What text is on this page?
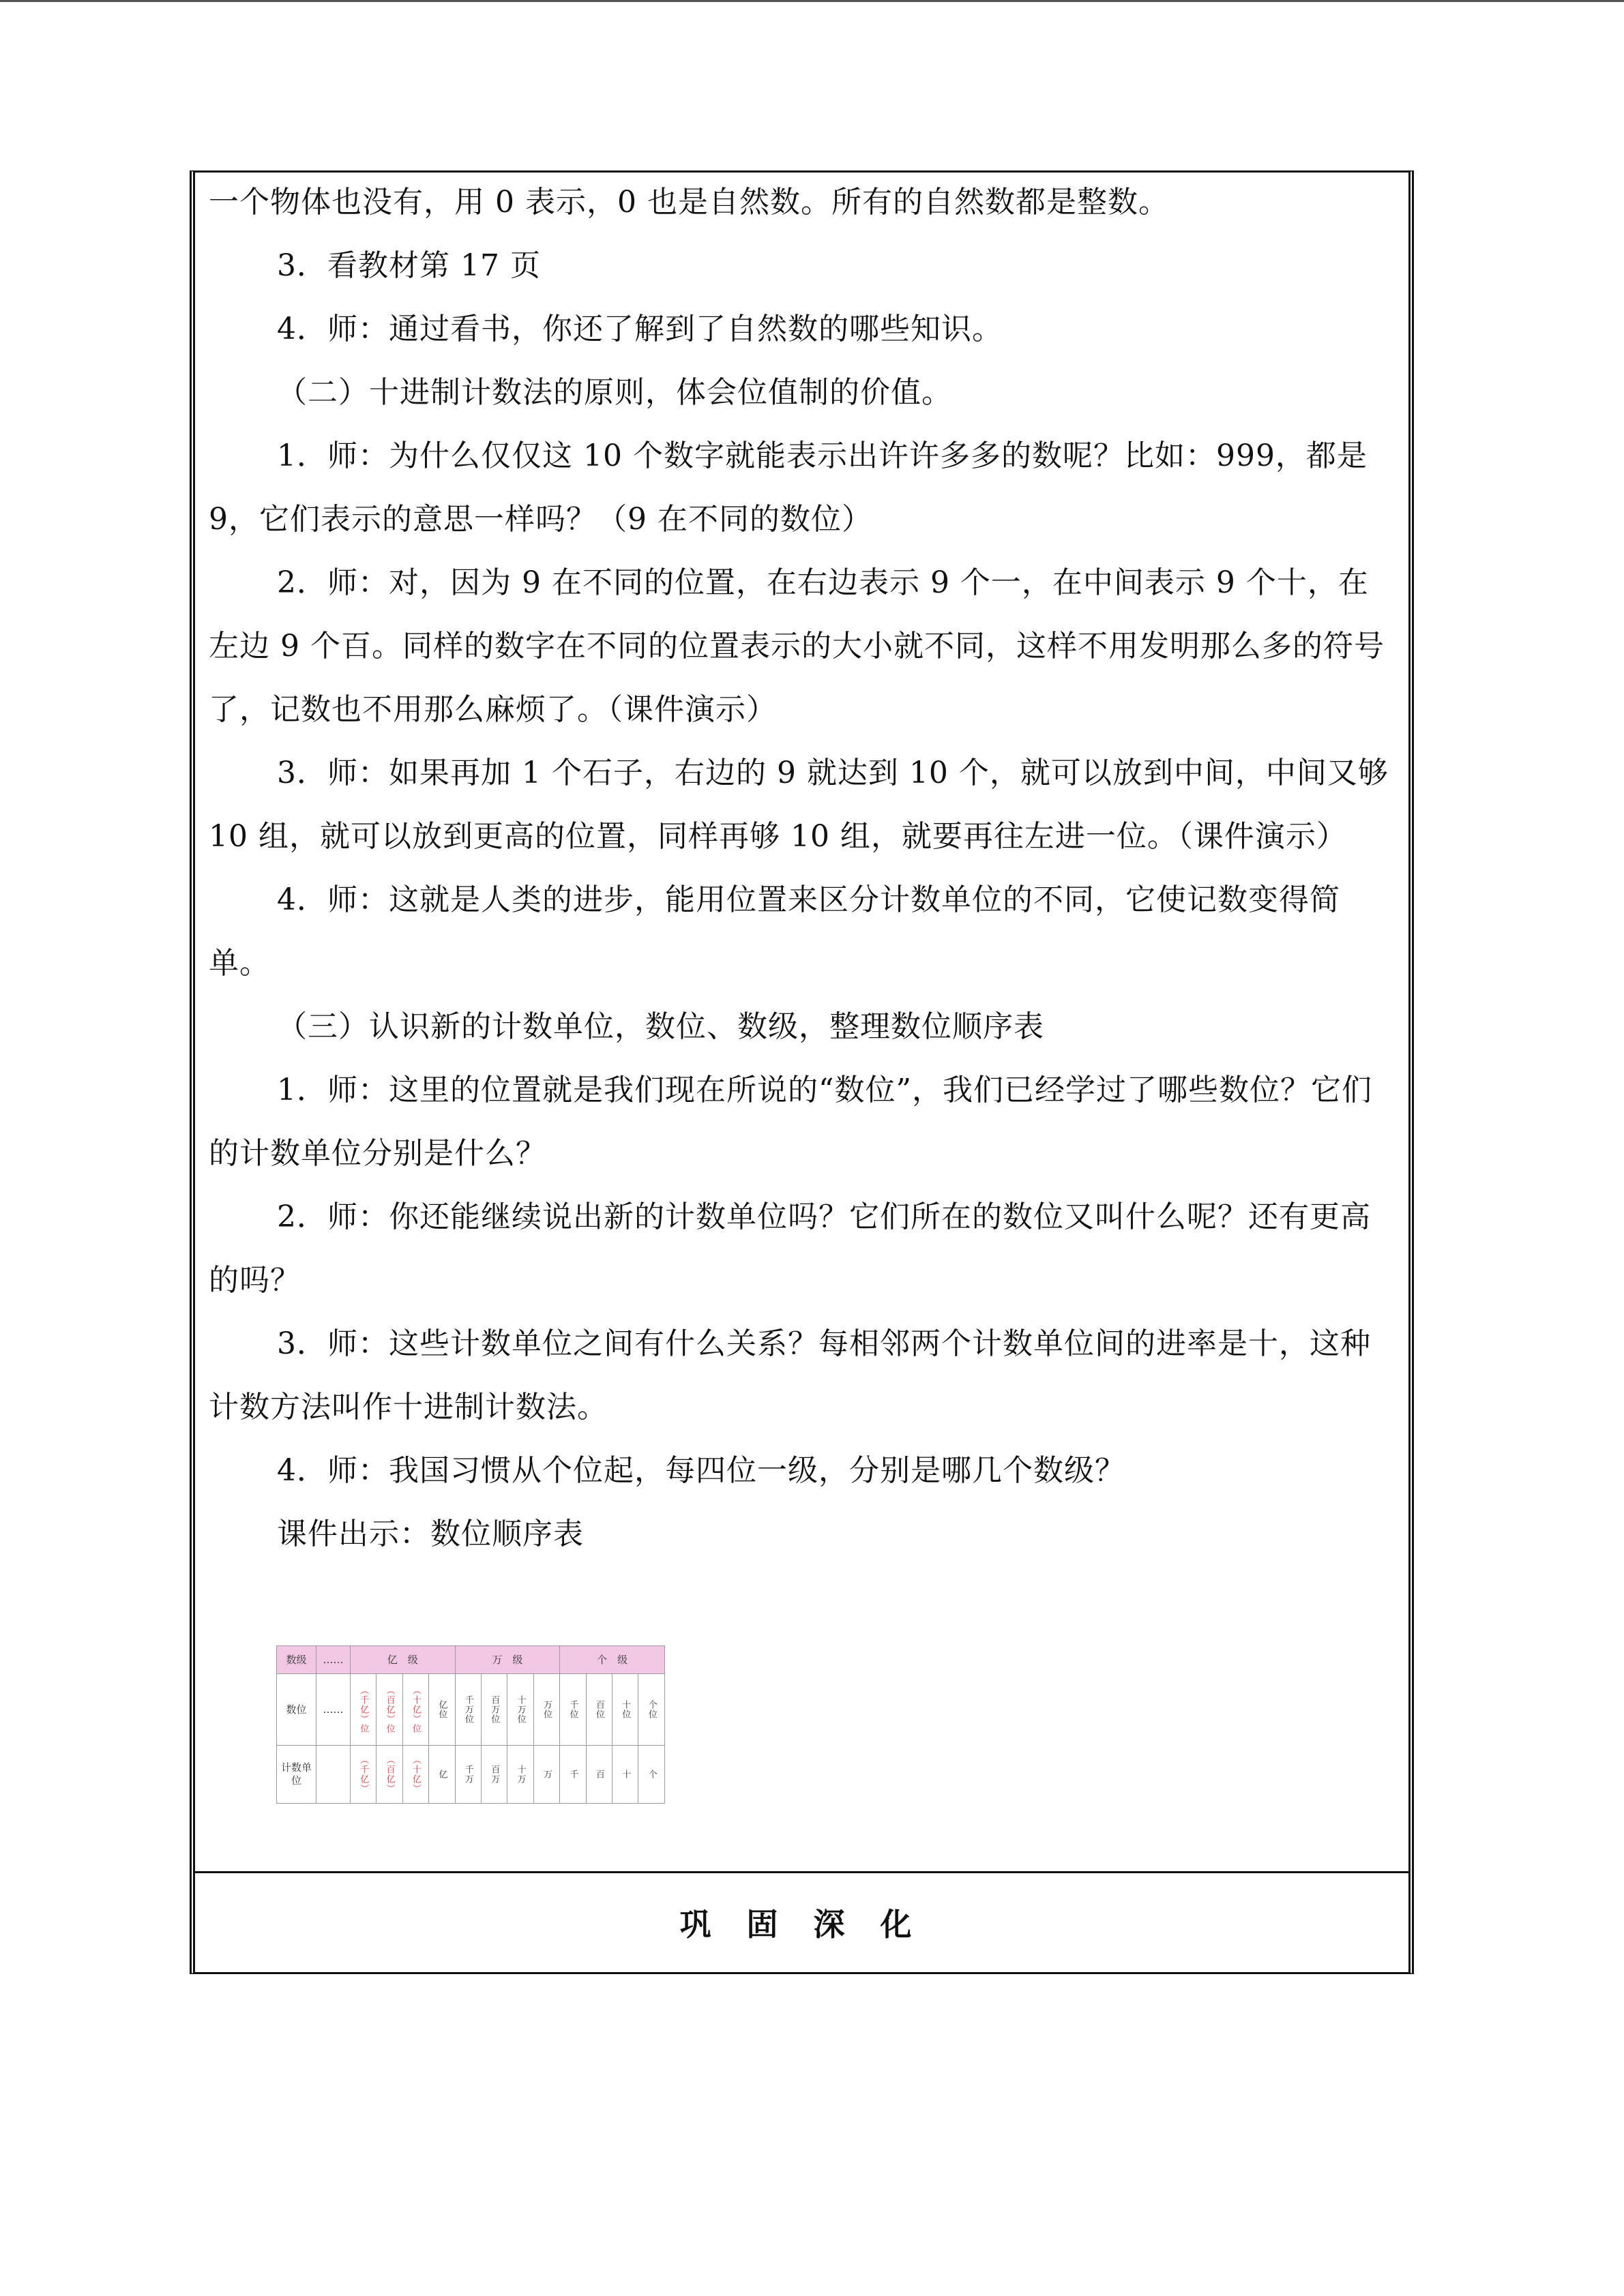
一个物体也没有，用 0 表示，0 也是自然数。所有的自然数都是整数。

3．看教材第 17 页

4．师：通过看书，你还了解到了自然数的哪些知识。

（二）十进制计数法的原则，体会位值制的价值。

1．师：为什么仅仅这 10 个数字就能表示出许许多多的数呢？比如：999，都是 9，它们表示的意思一样吗？（9 在不同的数位）

2．师：对，因为 9 在不同的位置，在右边表示 9 个一，在中间表示 9 个十，在左边 9 个百。同样的数字在不同的位置表示的大小就不同，这样不用发明那么多的符号了，记数也不用那么麻烦了。（课件演示）

3．师：如果再加 1 个石子，右边的 9 就达到 10 个，就可以放到中间，中间又够 10 组，就可以放到更高的位置，同样再够 10 组，就要再往左进一位。（课件演示）

4．师：这就是人类的进步，能用位置来区分计数单位的不同，它使记数变得简单。

（三）认识新的计数单位，数位、数级，整理数位顺序表

1．师：这里的位置就是我们现在所说的“数位”，我们已经学过了哪些数位？它们的计数单位分别是什么？

2．师：你还能继续说出新的计数单位吗？它们所在的数位又叫什么呢？还有更高的吗？

3．师：这些计数单位之间有什么关系？每相邻两个计数单位间的进率是十，这种计数方法叫作十进制计数法。

4．师：我国习惯从个位起，每四位一级，分别是哪几个数级？

课件出示：数位顺序表

数级	……	亿　级				万　级				个　级			
数位	……	（千亿）位	（百亿）位	（十亿）位	亿位	千万位	百万位	十万位	万位	千位	百位	十位	个位
计数单位		（千亿）	（百亿）	（十亿）	亿	千万	百万	十万	万	千	百	十	个
巩 固 深 化
